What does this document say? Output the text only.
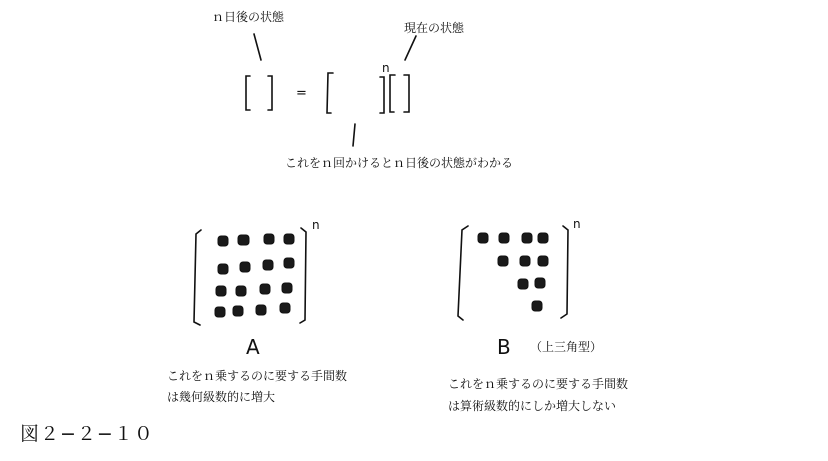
ｎ日後の状態
現在の状態
=
n
これをｎ回かけるとｎ日後の状態がわかる
n
A
これをｎ乗するのに要する手間数
は幾何級数的に増大
n
B （上三角型）
これをｎ乗するのに要する手間数
は算術級数的にしか増大しない
図２−２−１０
